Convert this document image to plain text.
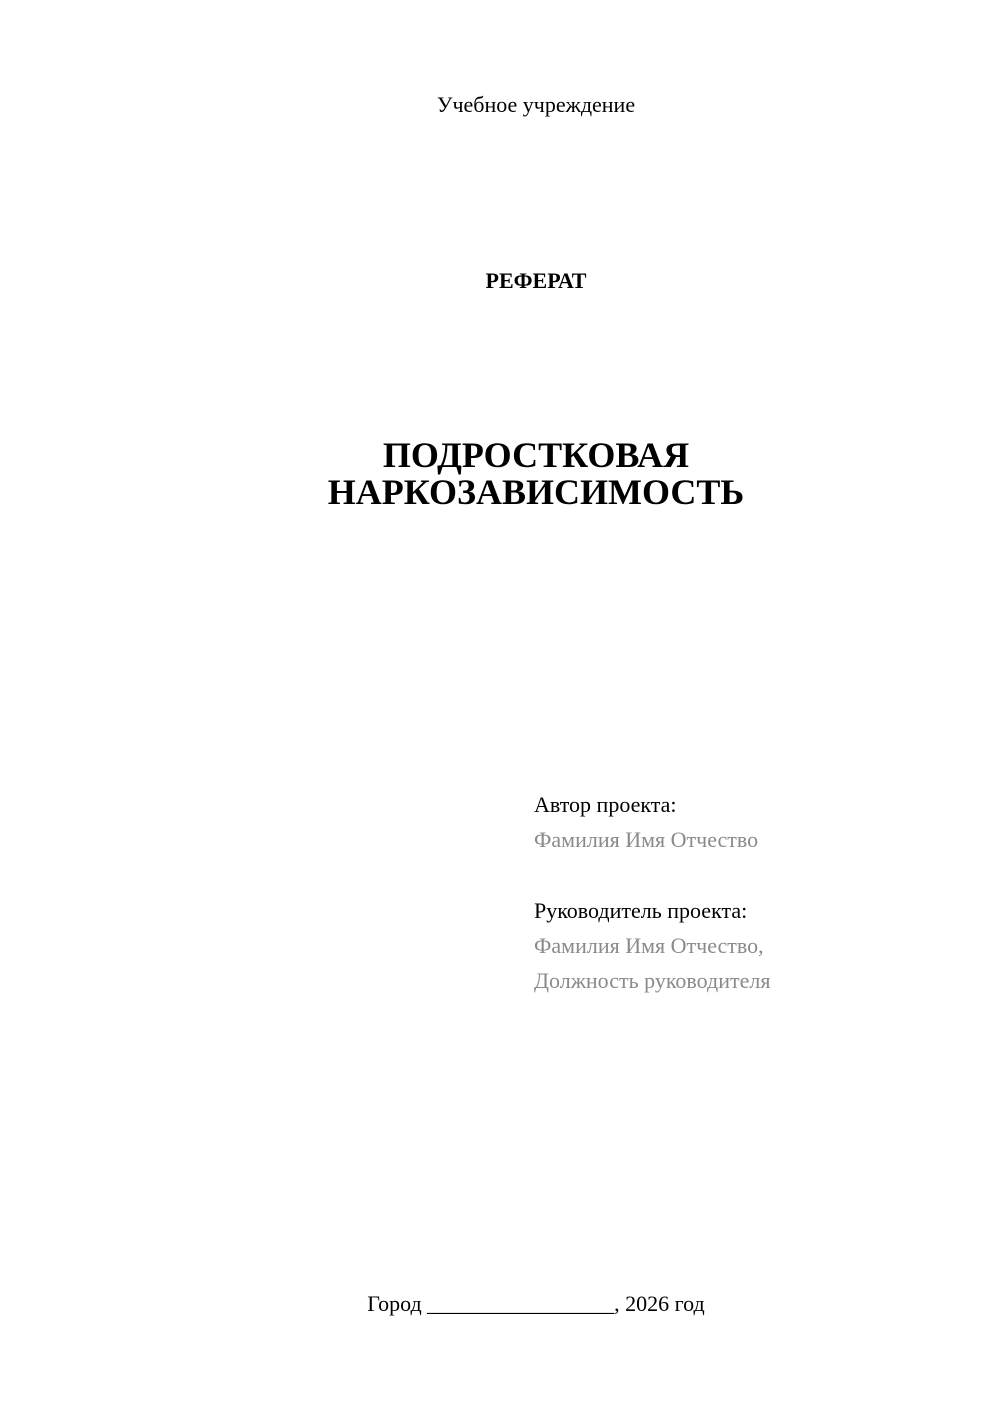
Учебное учреждение
РЕФЕРАТ
ПОДРОСТКОВАЯ
НАРКОЗАВИСИМОСТЬ
Автор проекта:
Фамилия Имя Отчество
Руководитель проекта:
Фамилия Имя Отчество,
Должность руководителя
Город _________________, 2026 год
